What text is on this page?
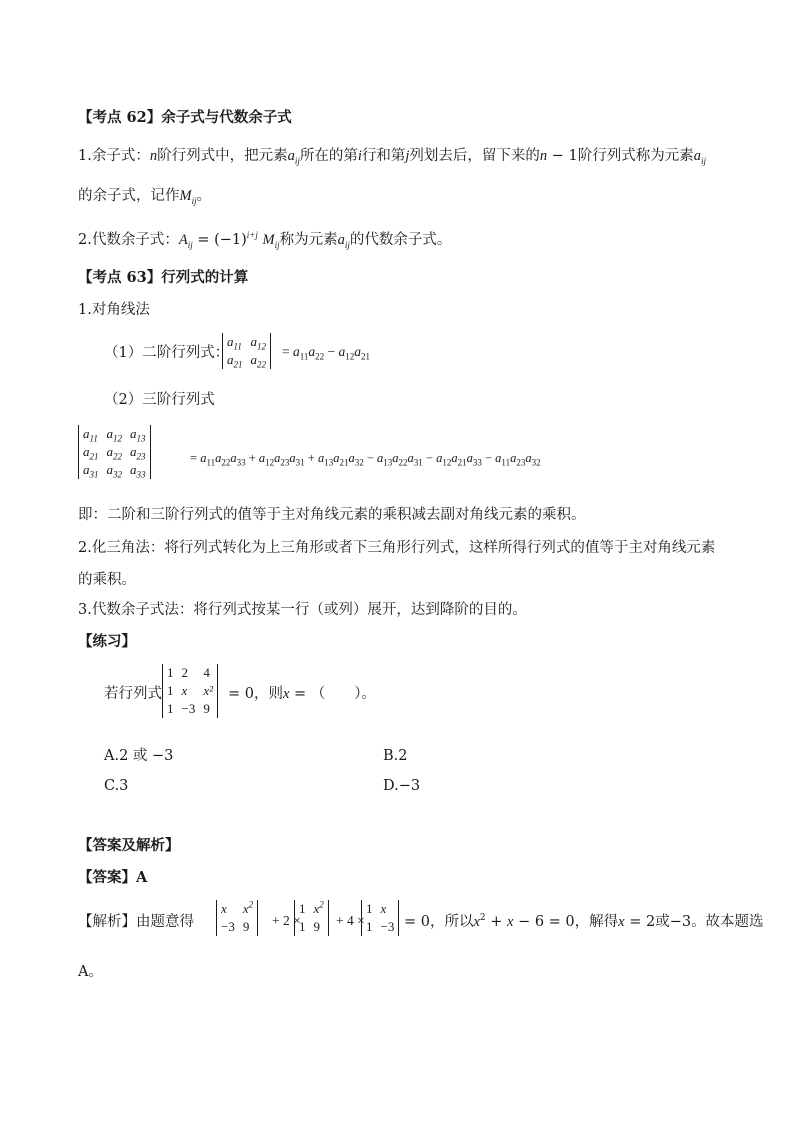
【考点 62】余子式与代数余子式
1.余子式：n阶行列式中，把元素$a_{ij}$所在的第i行和第j列划去后，留下来的n − 1阶行列式称为元素$a_{ij}$
的余子式，记作$M_{ij}$。
2.代数余子式：$A_{ij} = (-1)^{i+j}$ $M_{ij}$称为元素$a_{ij}$的代数余子式。
【考点 63】行列式的计算
1.对角线法
（1）二阶行列式：
$a_{11}$	$a_{12}$
$a_{21}$	$a_{22}$
= $a_{11}a_{22} - a_{12}a_{21}$
（2）三阶行列式
$a_{11}$	$a_{12}$	$a_{13}$
$a_{21}$	$a_{22}$	$a_{23}$
$a_{31}$	$a_{32}$	$a_{33}$
= $a_{11}a_{22}a_{33} + a_{12}a_{23}a_{31} + a_{13}a_{21}a_{32} - a_{13}a_{22}a_{31} - a_{12}a_{21}a_{33} - a_{11}a_{23}a_{32}$
即：二阶和三阶行列式的值等于主对角线元素的乘积减去副对角线元素的乘积。
2.化三角法：将行列式转化为上三角形或者下三角形行列式，这样所得行列式的值等于主对角线元素
的乘积。
3.代数余子式法：将行列式按某一行（或列）展开，达到降阶的目的。
【练习】
若行列式
1	2	4
1	x	x²
1	−3	9
= 0，则x = （　　）。
A.2 或 −3	B.2
C.3	D.−3
【答案及解析】
【答案】A
【解析】由题意得
x	$x^2$
−3	9 + 2 ×
1	$x^2$
1	9 + 4 ×
1	x
1	−3 = 0，所以$x^2 + x - 6 = 0$，解得x = 2或−3。故本题选
A。
